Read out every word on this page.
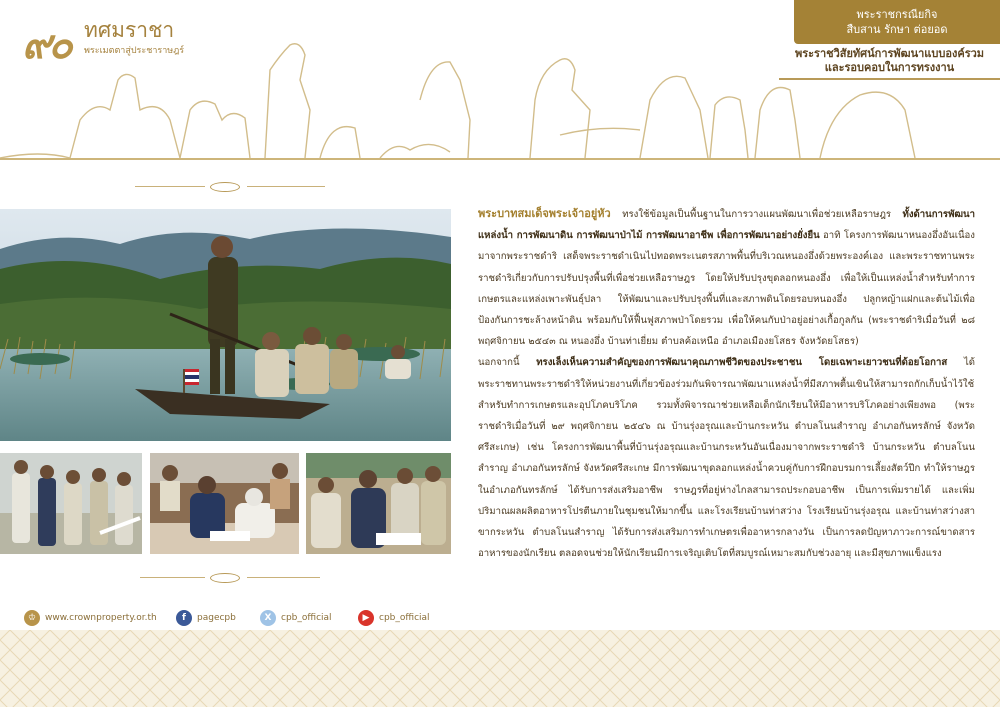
๙๐ ทศมราชา
พระเมตตาสู่ประชาราษฎร์
พระราชกรณียกิจ
สืบสาน รักษา ต่อยอด
พระราชวิสัยทัศน์การพัฒนาแบบองค์รวม
และรอบคอบในการทรงงาน

พระบาทสมเด็จพระเจ้าอยู่หัว ทรงใช้ข้อมูลเป็นพื้นฐานในการวางแผนพัฒนาเพื่อช่วยเหลือราษฎร ทั้งด้านการพัฒนาแหล่งน้ำ การพัฒนาดิน การพัฒนาป่าไม้ การพัฒนาอาชีพ เพื่อการพัฒนาอย่างยั่งยืน อาทิ โครงการพัฒนาหนองอึ่งอันเนื่องมาจากพระราชดำริ เสด็จพระราชดำเนินไปทอดพระเนตรสภาพพื้นที่บริเวณหนองอึ่งด้วยพระองค์เอง และพระราชทานพระราชดำริเกี่ยวกับการปรับปรุงพื้นที่เพื่อช่วยเหลือราษฎร โดยให้ปรับปรุงขุดลอกหนองอึ่ง เพื่อให้เป็นแหล่งน้ำสำหรับทำการเกษตรและแหล่งเพาะพันธุ์ปลา ให้พัฒนาและปรับปรุงพื้นที่และสภาพดินโดยรอบหนองอึ่ง ปลูกหญ้าแฝกและต้นไม้เพื่อป้องกันการชะล้างหน้าดิน พร้อมกับให้ฟื้นฟูสภาพป่าโดยรวม เพื่อให้คนกับป่าอยู่อย่างเกื้อกูลกัน (พระราชดำริเมื่อวันที่ ๒๘ พฤศจิกายน ๒๕๔๓ ณ หนองอึ่ง บ้านท่าเยี่ยม ตำบลค้อเหนือ อำเภอเมืองยโสธร จังหวัดยโสธร)

นอกจากนี้ ทรงเล็งเห็นความสำคัญของการพัฒนาคุณภาพชีวิตของประชาชน โดยเฉพาะเยาวชนที่ด้อยโอกาส ได้พระราชทานพระราชดำริให้หน่วยงานที่เกี่ยวข้องร่วมกันพิจารณาพัฒนาแหล่งน้ำที่มีสภาพตื้นเขินให้สามารถกักเก็บน้ำไว้ใช้สำหรับทำการเกษตรและอุปโภคบริโภค รวมทั้งพิจารณาช่วยเหลือเด็กนักเรียนให้มีอาหารบริโภคอย่างเพียงพอ (พระราชดำริเมื่อวันที่ ๒๙ พฤศจิกายน ๒๕๔๖ ณ บ้านรุ่งอรุณและบ้านกระหวัน ตำบลโนนสำราญ อำเภอกันทรลักษ์ จังหวัดศรีสะเกษ) เช่น โครงการพัฒนาพื้นที่บ้านรุ่งอรุณและบ้านกระหวันอันเนื่องมาจากพระราชดำริ บ้านกระหวัน ตำบลโนนสำราญ อำเภอกันทรลักษ์ จังหวัดศรีสะเกษ มีการพัฒนาขุดลอกแหล่งน้ำควบคู่กับการฝึกอบรมการเลี้ยงสัตว์ปีก ทำให้ราษฎรในอำเภอกันทรลักษ์ ได้รับการส่งเสริมอาชีพ ราษฎรที่อยู่ห่างไกลสามารถประกอบอาชีพ เป็นการเพิ่มรายได้ และเพิ่มปริมาณผลผลิตอาหารโปรตีนภายในชุมชนให้มากขึ้น และโรงเรียนบ้านท่าสว่าง โรงเรียนบ้านรุ่งอรุณ และบ้านท่าสว่างสาขากระหวัน ตำบลโนนสำราญ ได้รับการส่งเสริมการทำเกษตรเพื่ออาหารกลางวัน เป็นการลดปัญหาภาวะการณ์ขาดสารอาหารของนักเรียน ตลอดจนช่วยให้นักเรียนมีการเจริญเติบโตที่สมบูรณ์เหมาะสมกับช่วงอายุ และมีสุขภาพแข็งแรง

♔ www.crownproperty.or.th	f	pagecpb	X	cpb_official	▶	cpb_official
